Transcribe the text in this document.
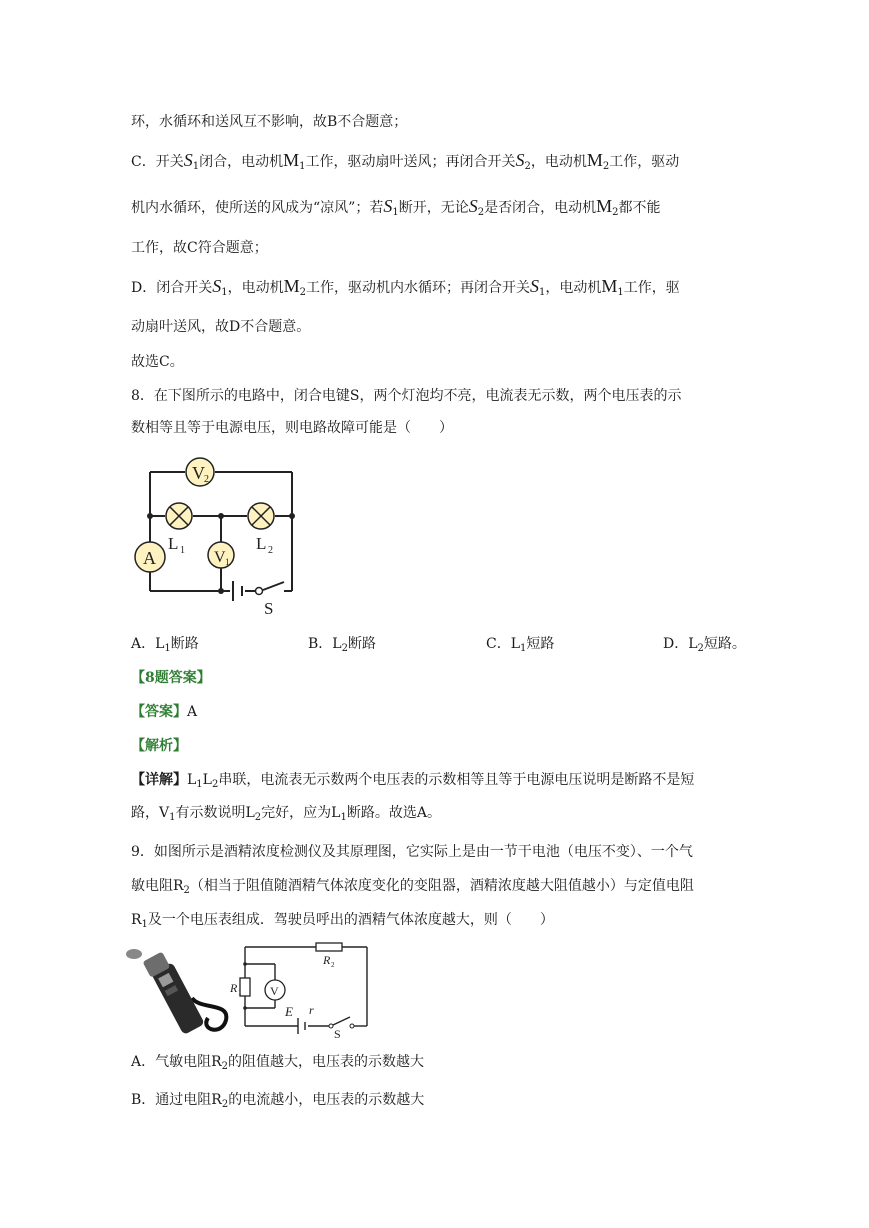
环，水循环和送风互不影响，故B不合题意；
C．开关$S_1$闭合，电动机$M_1$工作，驱动扇叶送风；再闭合开关$S_2$，电动机$M_2$工作，驱动
机内水循环，使所送的风成为“凉风”；若$S_1$断开，无论$S_2$是否闭合，电动机$M_2$都不能
工作，故C符合题意；
D．闭合开关$S_1$，电动机$M_2$工作，驱动机内水循环；再闭合开关$S_1$，电动机$M_1$工作，驱
动扇叶送风，故D不合题意。
故选C。
8．在下图所示的电路中，闭合电键S，两个灯泡均不亮，电流表无示数，两个电压表的示
数相等且等于电源电压，则电路故障可能是（　　）
V 2
V 1
A
L 1	L 2
S
A．$L_1$断路	B．$L_2$断路	C．$L_1$短路	D．$L_2$短路。
【8题答案】
【答案】A
【解析】
【详解】$L_1L_2$串联，电流表无示数两个电压表的示数相等且等于电源电压说明是断路不是短
路，$V_1$有示数说明$L_2$完好，应为$L_1$断路。故选A。
9．如图所示是酒精浓度检测仪及其原理图，它实际上是由一节干电池（电压不变）、一个气
敏电阻$R_2$（相当于阻值随酒精气体浓度变化的变阻器，酒精浓度越大阻值越小）与定值电阻
$R_1$及一个电压表组成．驾驶员呼出的酒精气体浓度越大，则（　　）
V
R 1
R 2
E r
S
A．气敏电阻$R_2$的阻值越大，电压表的示数越大
B．通过电阻$R_2$的电流越小，电压表的示数越大
